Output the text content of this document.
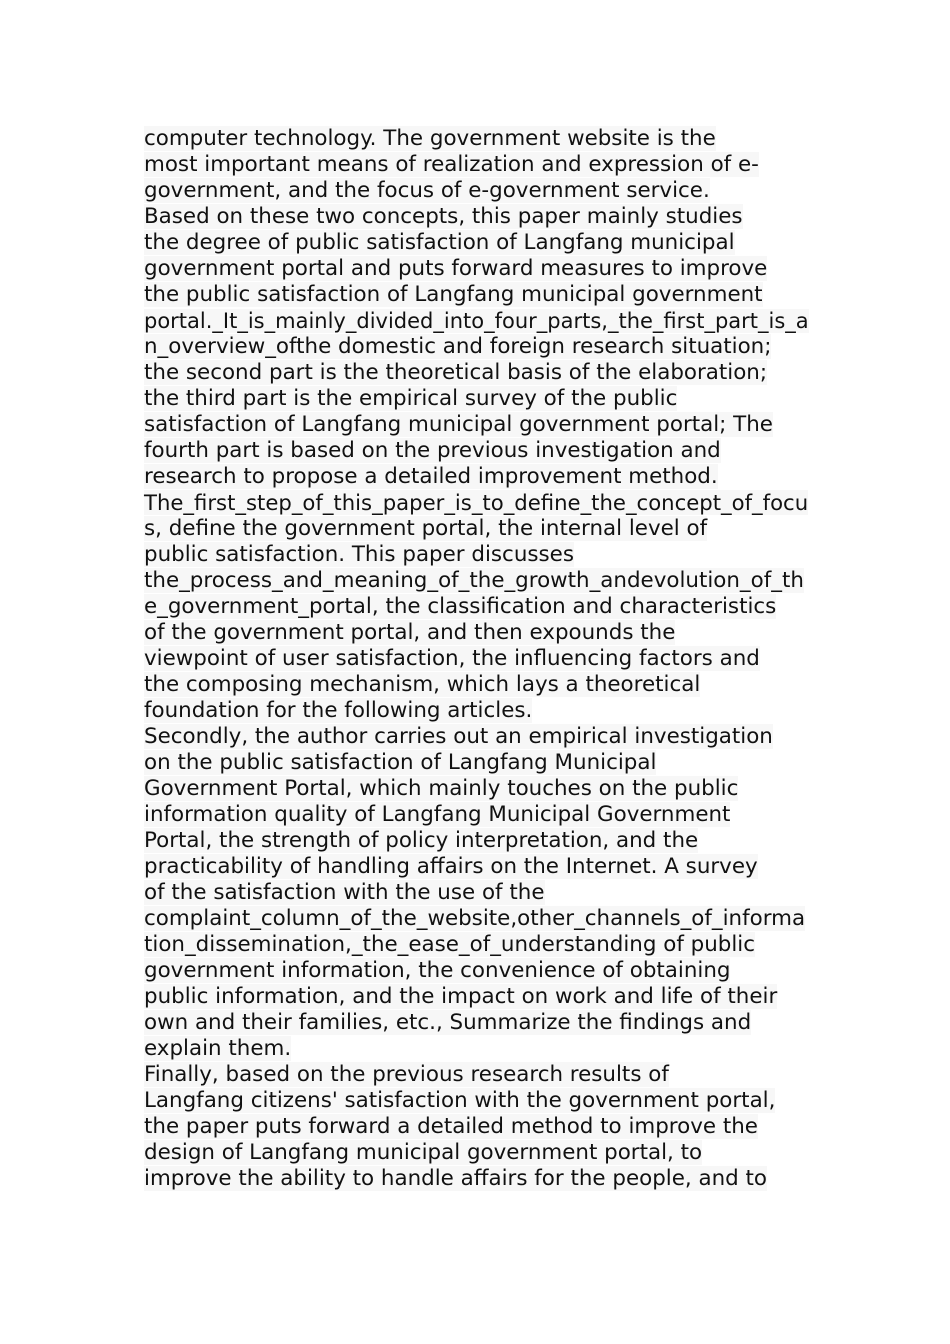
computer technology. The government website is the
most important means of realization and expression of e-
government, and the focus of e-government service.
Based on these two concepts, this paper mainly studies
the degree of public satisfaction of Langfang municipal
government portal and puts forward measures to improve
the public satisfaction of Langfang municipal government
portal._It_is_mainly_divided_into_four_parts,_the_first_part_is_a
n_overview_ofthe domestic and foreign research situation;
the second part is the theoretical basis of the elaboration;
the third part is the empirical survey of the public
satisfaction of Langfang municipal government portal; The
fourth part is based on the previous investigation and
research to propose a detailed improvement method.
The_first_step_of_this_paper_is_to_define_the_concept_of_focu
s, define the government portal, the internal level of
public satisfaction. This paper discusses
the_process_and_meaning_of_the_growth_andevolution_of_th
e_government_portal, the classification and characteristics
of the government portal, and then expounds the
viewpoint of user satisfaction, the influencing factors and
the composing mechanism, which lays a theoretical
foundation for the following articles.
Secondly, the author carries out an empirical investigation
on the public satisfaction of Langfang Municipal
Government Portal, which mainly touches on the public
information quality of Langfang Municipal Government
Portal, the strength of policy interpretation, and the
practicability of handling affairs on the Internet. A survey
of the satisfaction with the use of the
complaint_column_of_the_website,other_channels_of_informa
tion_dissemination,_the_ease_of_understanding of public
government information, the convenience of obtaining
public information, and the impact on work and life of their
own and their families, etc., Summarize the findings and
explain them.
Finally, based on the previous research results of
Langfang citizens' satisfaction with the government portal,
the paper puts forward a detailed method to improve the
design of Langfang municipal government portal, to
improve the ability to handle affairs for the people, and to
